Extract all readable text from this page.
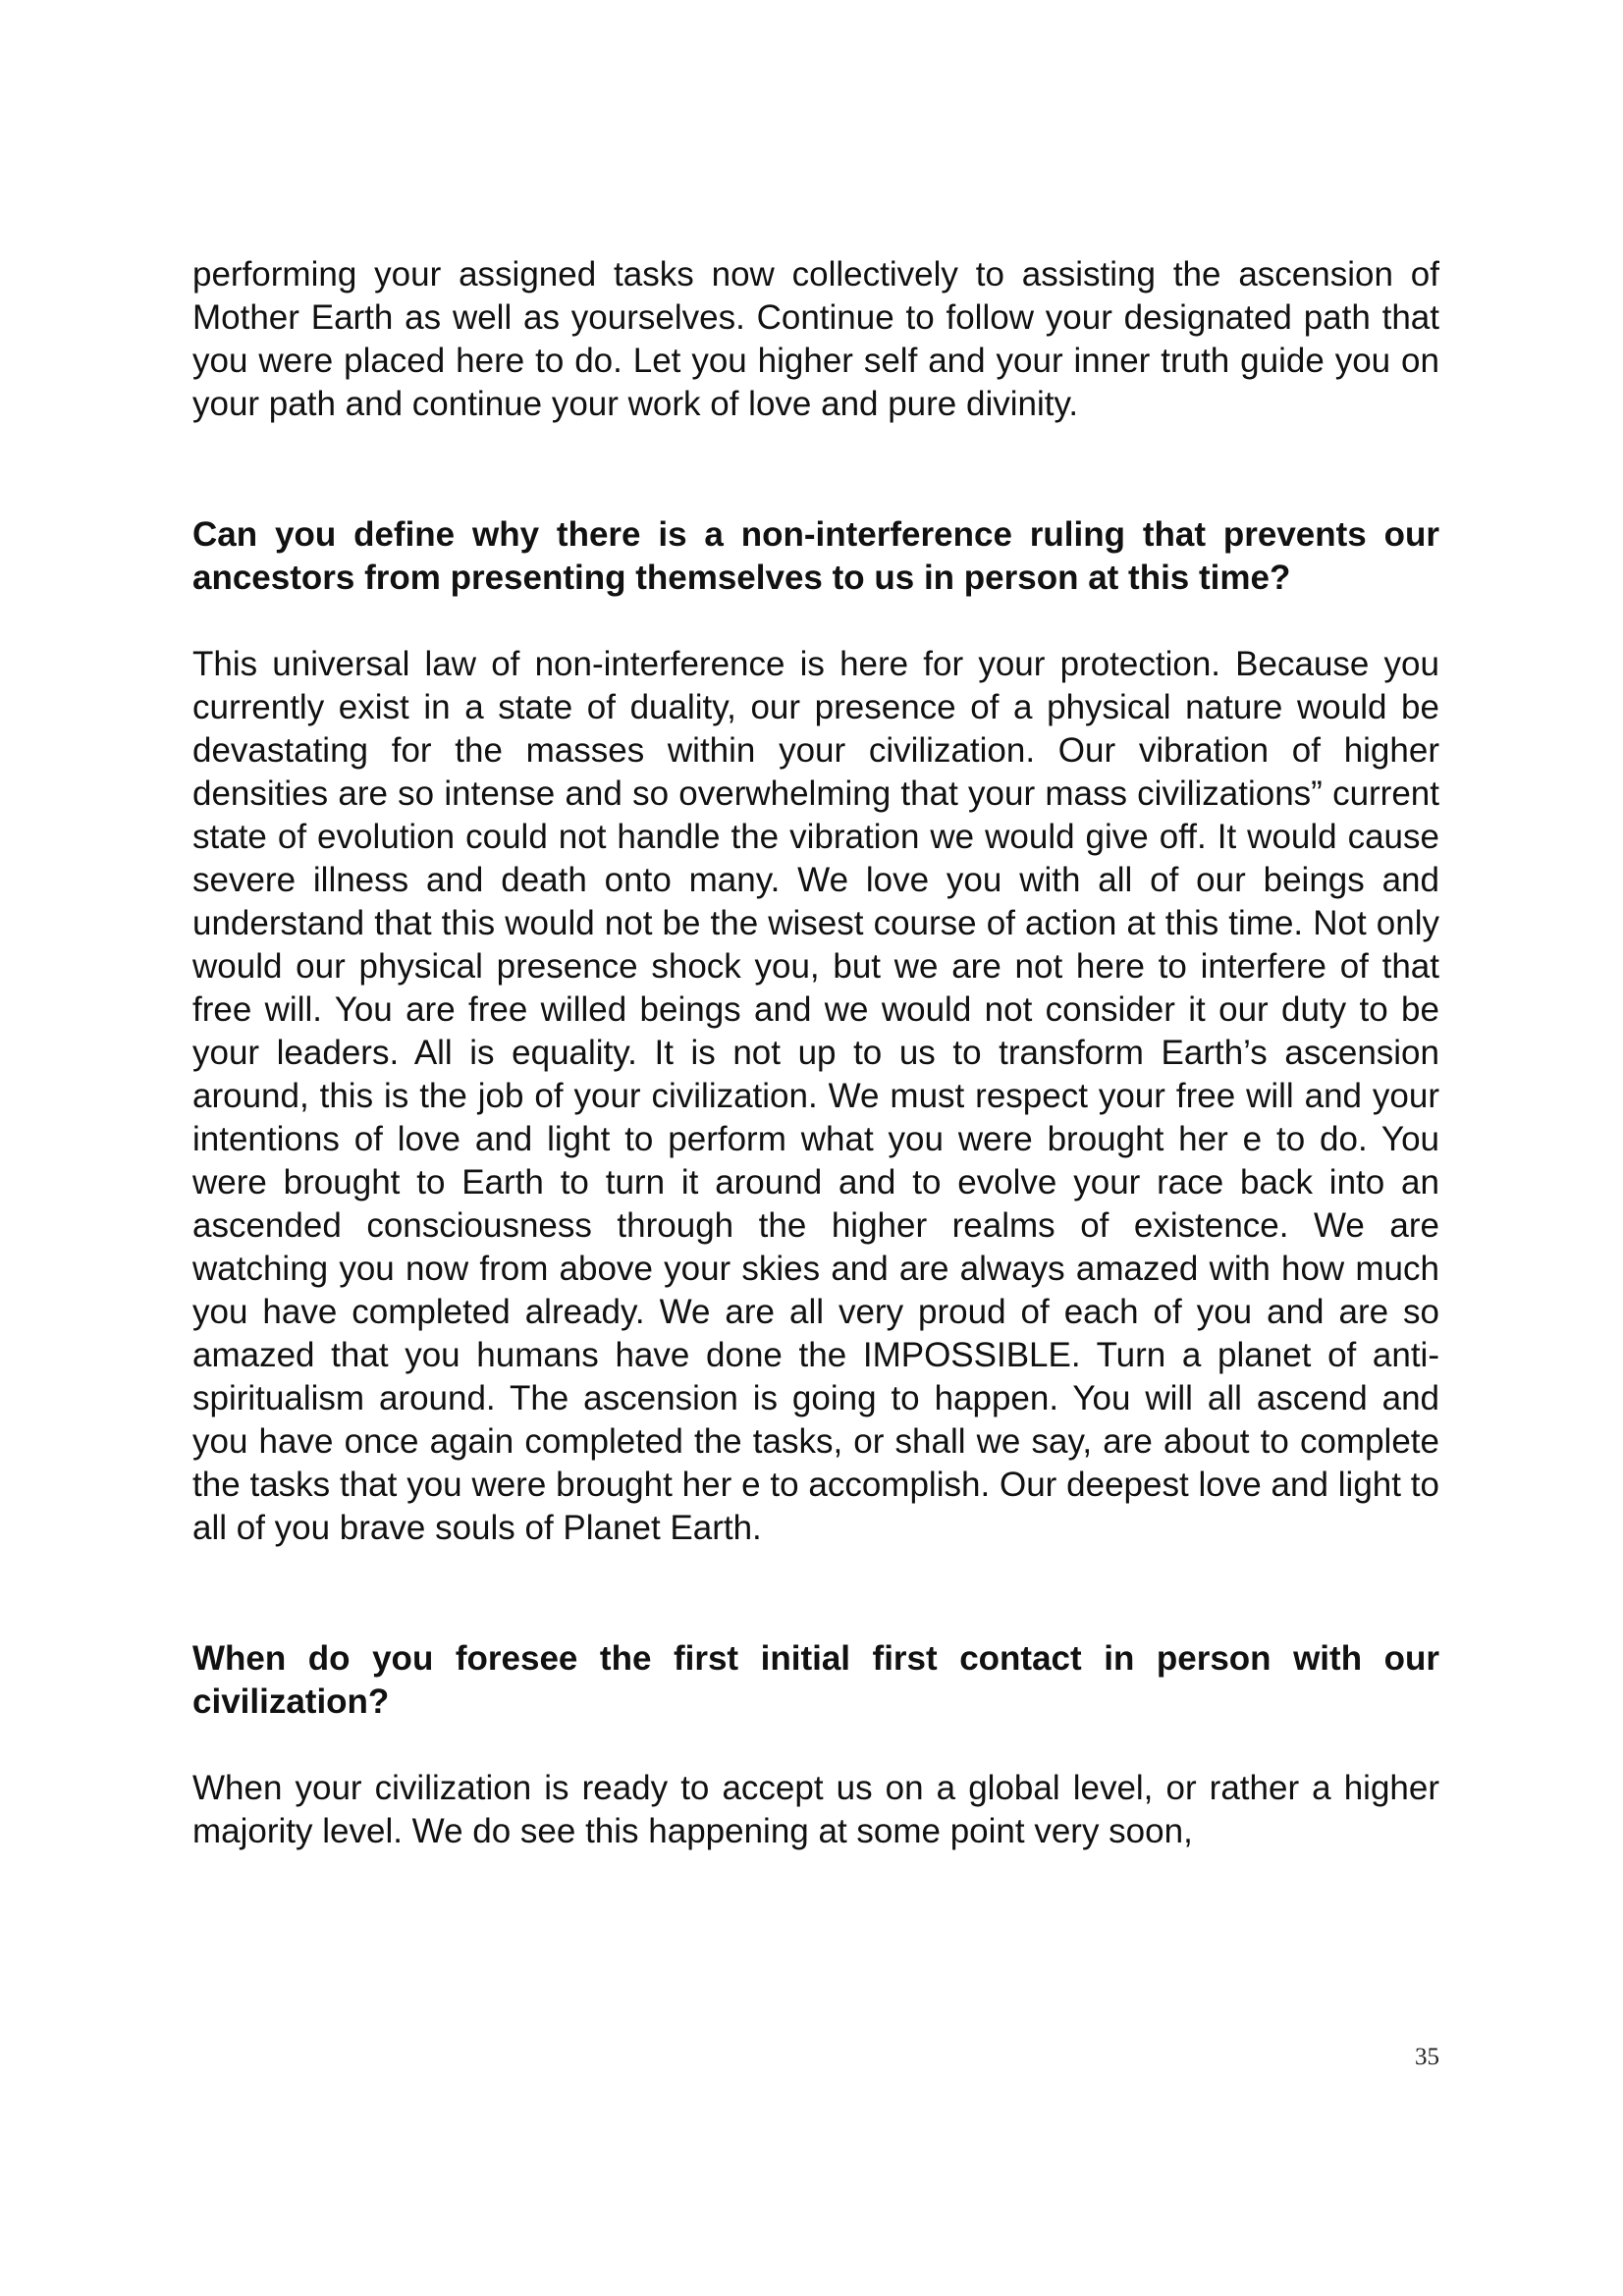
performing your assigned tasks now collectively to assisting the ascension of Mother Earth as well as yourselves. Continue to follow your designated path that you were placed here to do. Let you higher self and your inner truth guide you on your path and continue your work of love and pure divinity.

Can you define why there is a non-interference ruling that prevents our ancestors from presenting themselves to us in person at this time?

This universal law of non-interference is here for your protection. Because you currently exist in a state of duality, our presence of a physical nature would be devastating for the masses within your civilization. Our vibration of higher densities are so intense and so overwhelming that your mass civilizations” current state of evolution could not handle the vibration we would give off. It would cause severe illness and death onto many. We love you with all of our beings and understand that this would not be the wisest course of action at this time. Not only would our physical presence shock you, but we are not here to interfere of that free will. You are free willed beings and we would not consider it our duty to be your leaders. All is equality. It is not up to us to transform Earth’s ascension around, this is the job of your civilization. We must respect your free will and your intentions of love and light to perform what you were brought her e to do. You were brought to Earth to turn it around and to evolve your race back into an ascended consciousness through the higher realms of existence. We are watching you now from above your skies and are always amazed with how much you have completed already. We are all very proud of each of you and are so amazed that you humans have done the IMPOSSIBLE. Turn a planet of anti-spiritualism around. The ascension is going to happen. You will all ascend and you have once again completed the tasks, or shall we say, are about to complete the tasks that you were brought her e to accomplish. Our deepest love and light to all of you brave souls of Planet Earth.

When do you foresee the first initial first contact in person with our civilization?

When your civilization is ready to accept us on a global level, or rather a higher majority level. We do see this happening at some point very soon,

35
